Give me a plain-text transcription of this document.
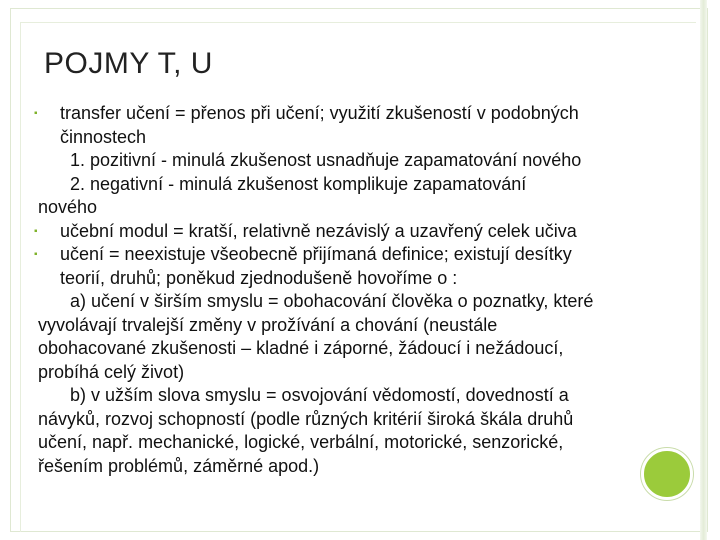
POJMY T, U
▪ transfer učení = přenos při učení; využití zkušeností v podobných
činnostech
1. pozitivní - minulá zkušenost usnadňuje zapamatování nového
2. negativní - minulá zkušenost komplikuje zapamatování
nového
▪ učební modul = kratší, relativně nezávislý a uzavřený celek učiva
▪ učení = neexistuje všeobecně přijímaná definice; existují desítky
teorií, druhů; poněkud zjednodušeně hovoříme o :
a) učení v širším smyslu = obohacování člověka o poznatky, které
vyvolávají trvalejší změny v prožívání a chování (neustále
obohacované zkušenosti – kladné i záporné, žádoucí i nežádoucí,
probíhá celý život)
b) v užším slova smyslu = osvojování vědomostí, dovedností a
návyků, rozvoj schopností (podle různých kritérií široká škála druhů
učení, např. mechanické, logické, verbální, motorické, senzorické,
řešením problémů, záměrné apod.)
